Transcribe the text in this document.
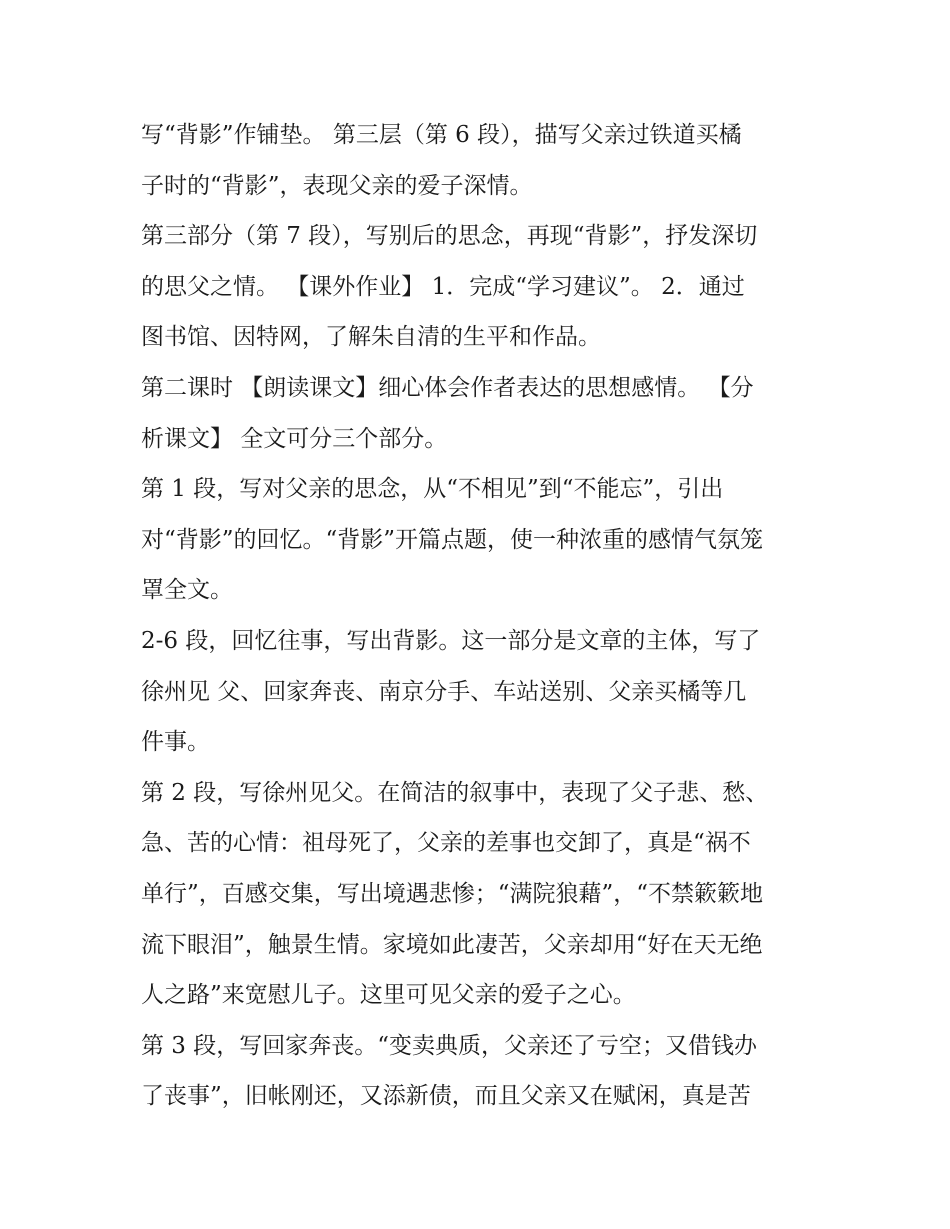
写“背影”作铺垫。 第三层（第 6 段），描写父亲过铁道买橘
子时的“背影”，表现父亲的爱子深情。
第三部分（第 7 段），写别后的思念，再现“背影”，抒发深切
的思父之情。 【课外作业】 1．完成“学习建议”。 2．通过
图书馆、因特网，了解朱自清的生平和作品。
第二课时 【朗读课文】细心体会作者表达的思想感情。 【分
析课文】 全文可分三个部分。
第 1 段，写对父亲的思念，从“不相见”到“不能忘”，引出
对“背影”的回忆。“背影”开篇点题，使一种浓重的感情气氛笼
罩全文。
2-6 段，回忆往事，写出背影。这一部分是文章的主体，写了
徐州见 父、回家奔丧、南京分手、车站送别、父亲买橘等几
件事。
第 2 段，写徐州见父。在简洁的叙事中，表现了父子悲、愁、
急、苦的心情：祖母死了，父亲的差事也交卸了，真是“祸不
单行”，百感交集，写出境遇悲惨；“满院狼藉”，“不禁簌簌地
流下眼泪”，触景生情。家境如此凄苦，父亲却用“好在天无绝
人之路”来宽慰儿子。这里可见父亲的爱子之心。
第 3 段，写回家奔丧。“变卖典质，父亲还了亏空；又借钱办
了丧事”，旧帐刚还，又添新债，而且父亲又在赋闲，真是苦
